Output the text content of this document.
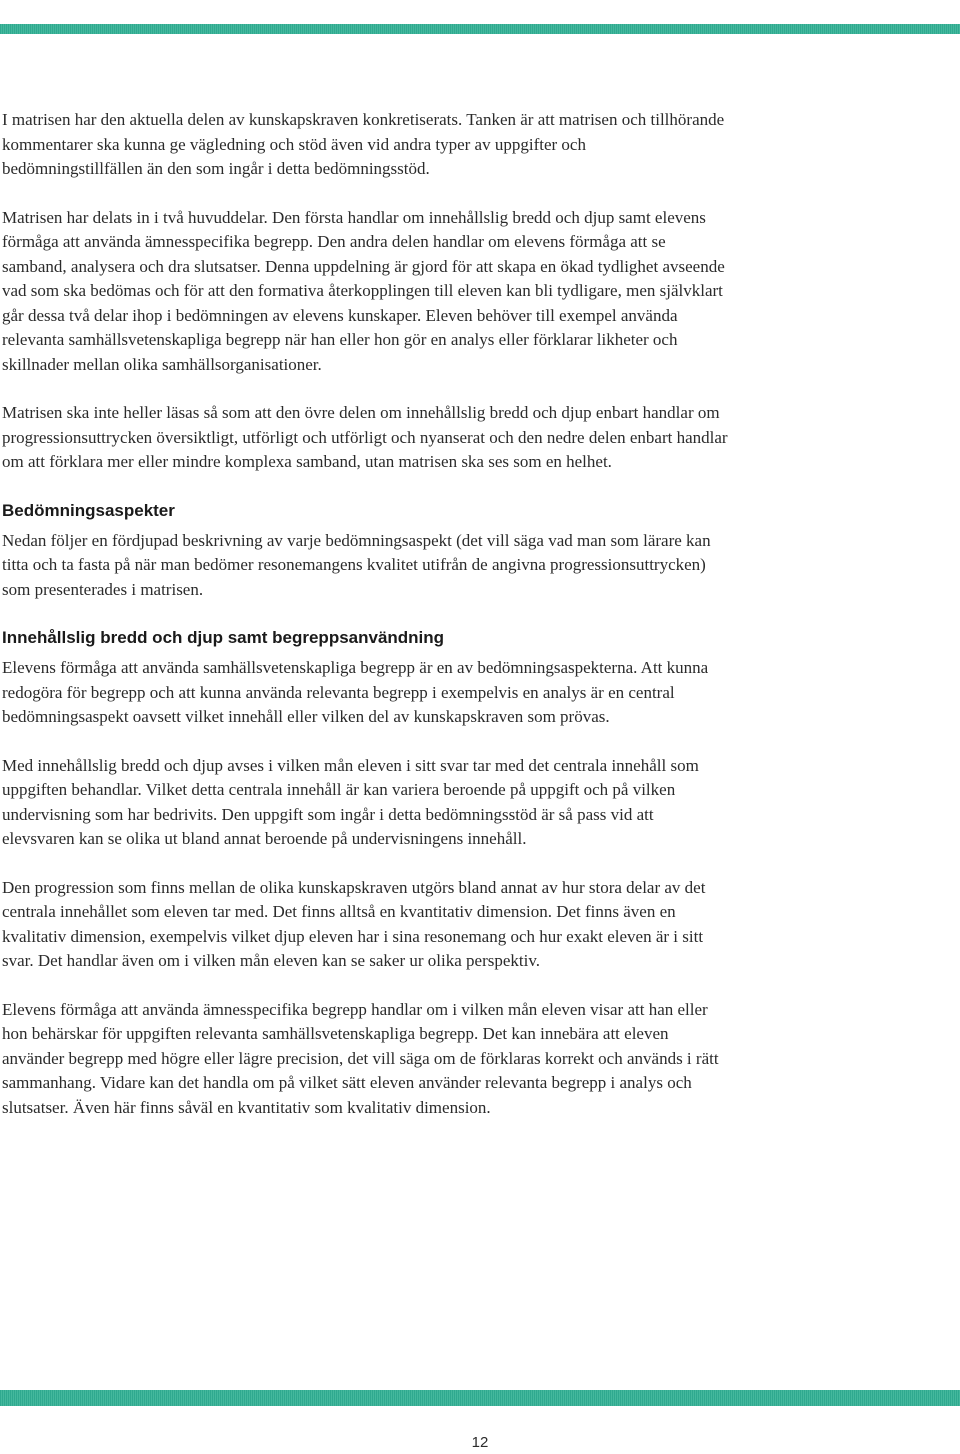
I matrisen har den aktuella delen av kunskapskraven konkretiserats. Tanken är att matrisen och tillhörande kommentarer ska kunna ge vägledning och stöd även vid andra typer av uppgifter och bedömningstillfällen än den som ingår i detta bedömningsstöd.

Matrisen har delats in i två huvuddelar. Den första handlar om innehållslig bredd och djup samt elevens förmåga att använda ämnesspecifika begrepp. Den andra delen handlar om elevens förmåga att se samband, analysera och dra slutsatser. Denna uppdelning är gjord för att skapa en ökad tydlighet avseende vad som ska bedömas och för att den formativa återkopplingen till eleven kan bli tydligare, men självklart går dessa två delar ihop i bedömningen av elevens kunskaper. Eleven behöver till exempel använda relevanta samhällsvetenskapliga begrepp när han eller hon gör en analys eller förklarar likheter och skillnader mellan olika samhällsorganisationer.

Matrisen ska inte heller läsas så som att den övre delen om innehållslig bredd och djup enbart handlar om progressionsuttrycken översiktligt, utförligt och utförligt och nyanserat och den nedre delen enbart handlar om att förklara mer eller mindre komplexa samband, utan matrisen ska ses som en helhet.

Bedömningsaspekter

Nedan följer en fördjupad beskrivning av varje bedömningsaspekt (det vill säga vad man som lärare kan titta och ta fasta på när man bedömer resonemangens kvalitet utifrån de angivna progressionsuttrycken) som presenterades i matrisen.

Innehållslig bredd och djup samt begreppsanvändning

Elevens förmåga att använda samhällsvetenskapliga begrepp är en av bedömningsaspekterna. Att kunna redogöra för begrepp och att kunna använda relevanta begrepp i exempelvis en analys är en central bedömningsaspekt oavsett vilket innehåll eller vilken del av kunskapskraven som prövas.

Med innehållslig bredd och djup avses i vilken mån eleven i sitt svar tar med det centrala innehåll som uppgiften behandlar. Vilket detta centrala innehåll är kan variera beroende på uppgift och på vilken undervisning som har bedrivits. Den uppgift som ingår i detta bedömningsstöd är så pass vid att elevsvaren kan se olika ut bland annat beroende på undervisningens innehåll.

Den progression som finns mellan de olika kunskapskraven utgörs bland annat av hur stora delar av det centrala innehållet som eleven tar med. Det finns alltså en kvantitativ dimension. Det finns även en kvalitativ dimension, exempelvis vilket djup eleven har i sina resonemang och hur exakt eleven är i sitt svar. Det handlar även om i vilken mån eleven kan se saker ur olika perspektiv.

Elevens förmåga att använda ämnesspecifika begrepp handlar om i vilken mån eleven visar att han eller hon behärskar för uppgiften relevanta samhällsvetenskapliga begrepp. Det kan innebära att eleven använder begrepp med högre eller lägre precision, det vill säga om de förklaras korrekt och används i rätt sammanhang. Vidare kan det handla om på vilket sätt eleven använder relevanta begrepp i analys och slutsatser. Även här finns såväl en kvantitativ som kvalitativ dimension.

12
